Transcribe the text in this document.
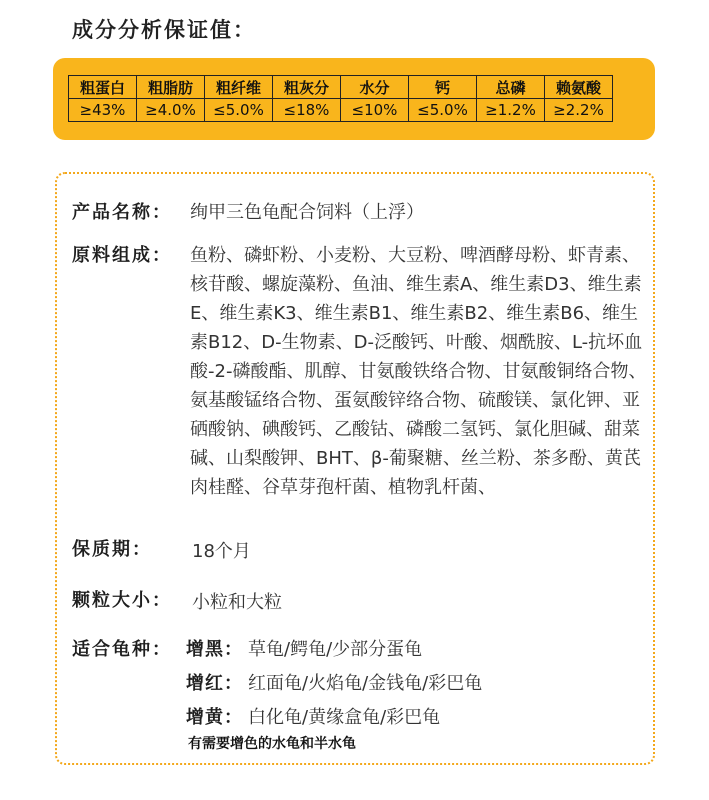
成分分析保证值：
粗蛋白	粗脂肪	粗纤维	粗灰分	水分	钙	总磷	赖氨酸
≥43%	≥4.0%	≤5.0%	≤18%	≤10%	≤5.0%	≥1.2%	≥2.2%
产品名称： 绚甲三色龟配合饲料（上浮）
原料组成： 鱼粉、磷虾粉、小麦粉、大豆粉、啤酒酵母粉、虾青素、核苷酸、螺旋藻粉、鱼油、维生素A、维生素D3、维生素E、维生素K3、维生素B1、维生素B2、维生素B6、维生素B12、D-生物素、D-泛酸钙、叶酸、烟酰胺、L-抗坏血酸-2-磷酸酯、肌醇、甘氨酸铁络合物、甘氨酸铜络合物、氨基酸锰络合物、蛋氨酸锌络合物、硫酸镁、氯化钾、亚硒酸钠、碘酸钙、乙酸钴、磷酸二氢钙、氯化胆碱、甜菜碱、山梨酸钾、BHT、β-葡聚糖、丝兰粉、茶多酚、黄芪肉桂醛、谷草芽孢杆菌、植物乳杆菌、
保质期： 18个月
颗粒大小： 小粒和大粒
适合龟种： 增黑： 草龟/鳄龟/少部分蛋龟
增红： 红面龟/火焰龟/金钱龟/彩巴龟
增黄： 白化龟/黄缘盒龟/彩巴龟
有需要增色的水龟和半水龟
